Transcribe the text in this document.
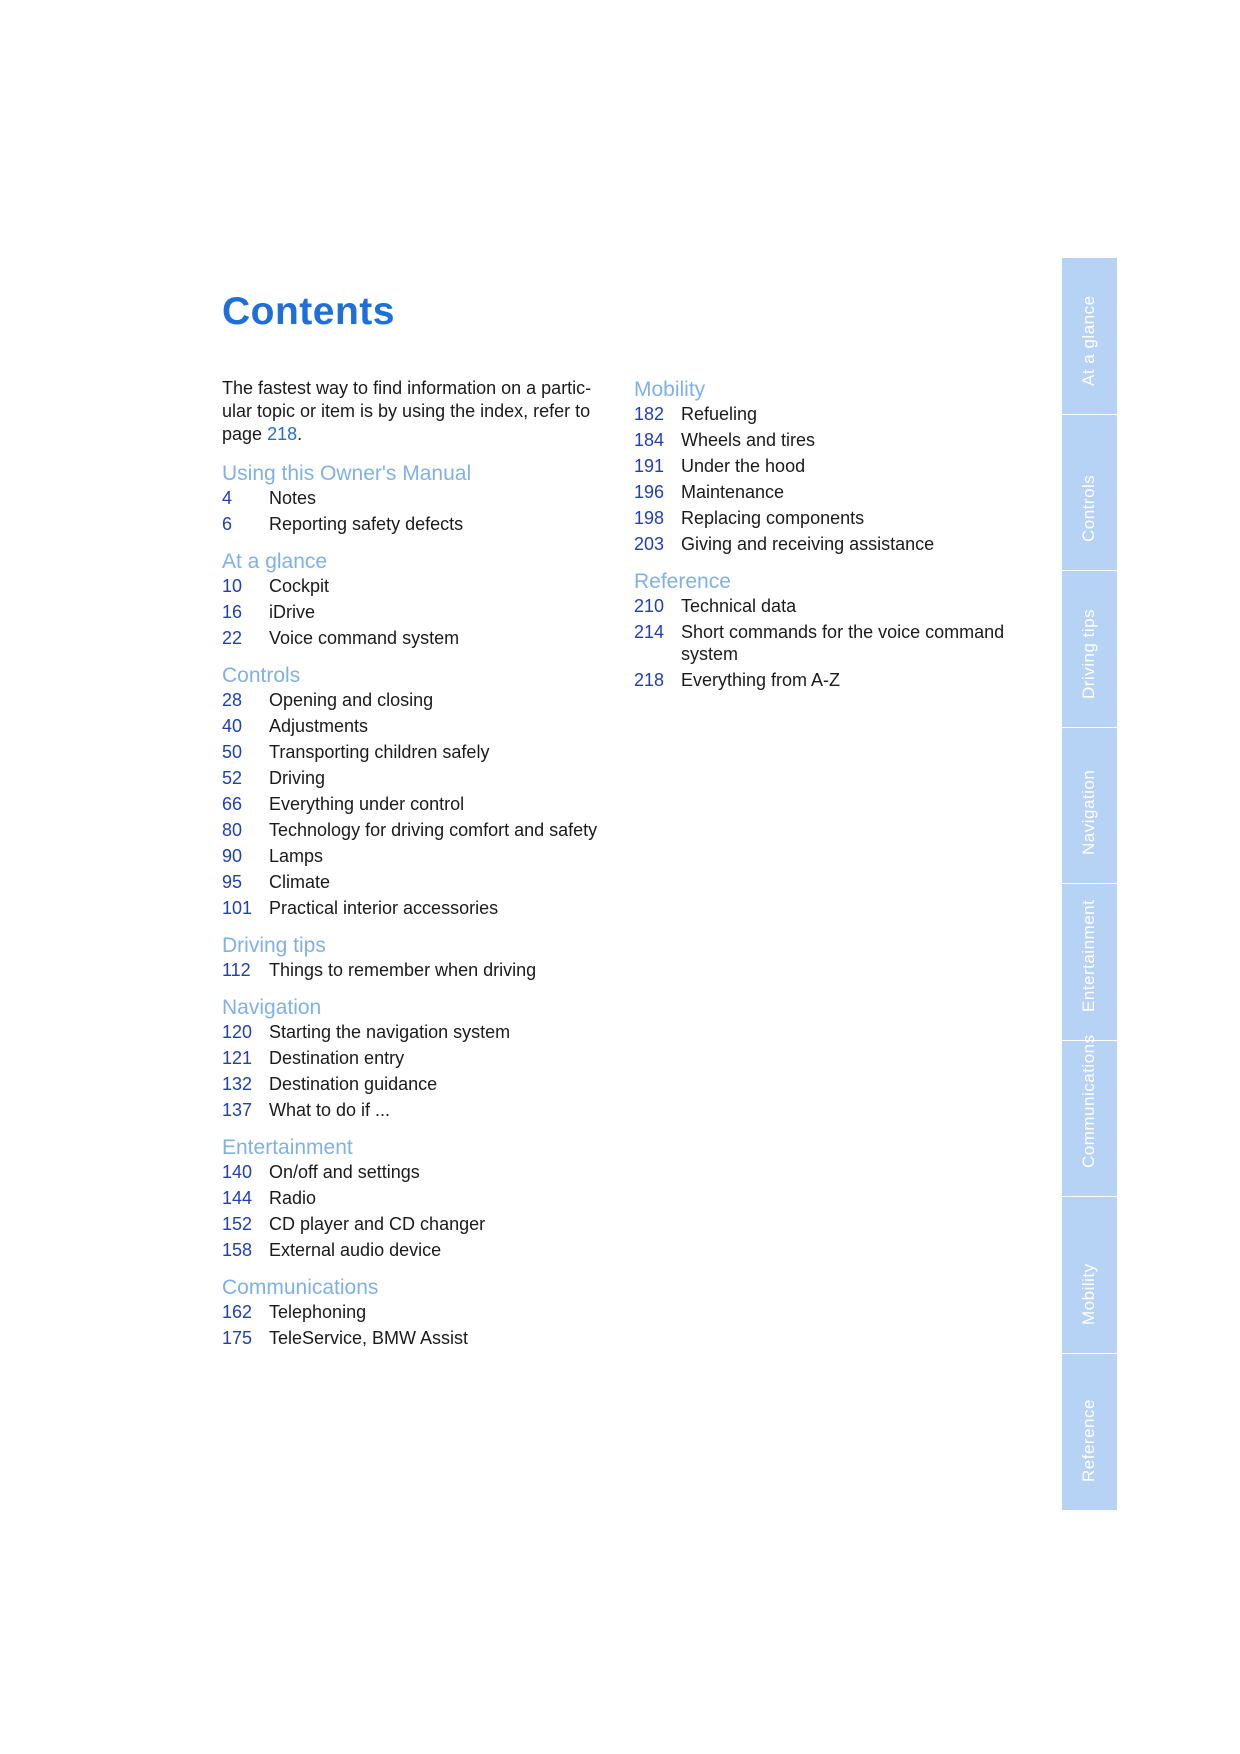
Contents

The fastest way to find information on a partic-ular topic or item is by using the index, refer to page 218.

Using this Owner's Manual
4	Notes
6	Reporting safety defects
At a glance
10	Cockpit
16	iDrive
22	Voice command system
Controls
28	Opening and closing
40	Adjustments
50	Transporting children safely
52	Driving
66	Everything under control
80	Technology for driving comfort and safety
90	Lamps
95	Climate
101 Practical interior accessories
Driving tips
112	Things to remember when driving
Navigation
120 Starting the navigation system
121 Destination entry
132 Destination guidance
137 What to do if ...
Entertainment
140 On/off and settings
144 Radio
152 CD player and CD changer
158 External audio device
Communications
162 Telephoning
175 TeleService, BMW Assist
Mobility
182 Refueling
184 Wheels and tires
191 Under the hood
196 Maintenance
198 Replacing components
203 Giving and receiving assistance
Reference
210 Technical data
214 Short commands for the voice command system
218 Everything from A-Z
At a glance
Controls
Driving tips
Navigation
Entertainment
Communications
Mobility
Reference
